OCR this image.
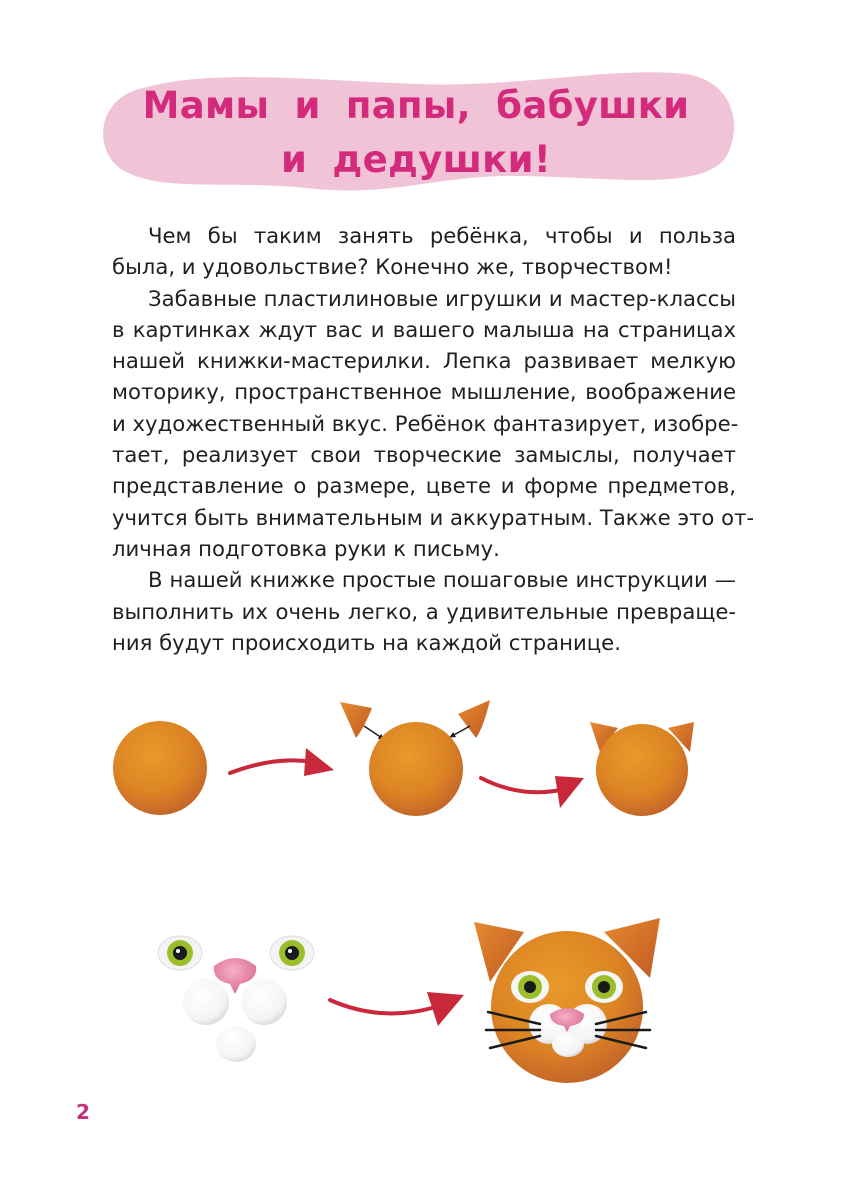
Мамы и папы, бабушки
и дедушки!

Чем бы таким занять ребёнка, чтобы и польза
была, и удовольствие? Конечно же, творчеством!

Забавные пластилиновые игрушки и мастер-классы
в картинках ждут вас и вашего малыша на страницах
нашей книжки-мастерилки. Лепка развивает мелкую
моторику, пространственное мышление, воображение
и художественный вкус. Ребёнок фантазирует, изобре-
тает, реализует свои творческие замыслы, получает
представление о размере, цвете и форме предметов,
учится быть внимательным и аккуратным. Также это от-
личная подготовка руки к письму.

В нашей книжке простые пошаговые инструкции —
выполнить их очень легко, а удивительные превраще-
ния будут происходить на каждой странице.

2
